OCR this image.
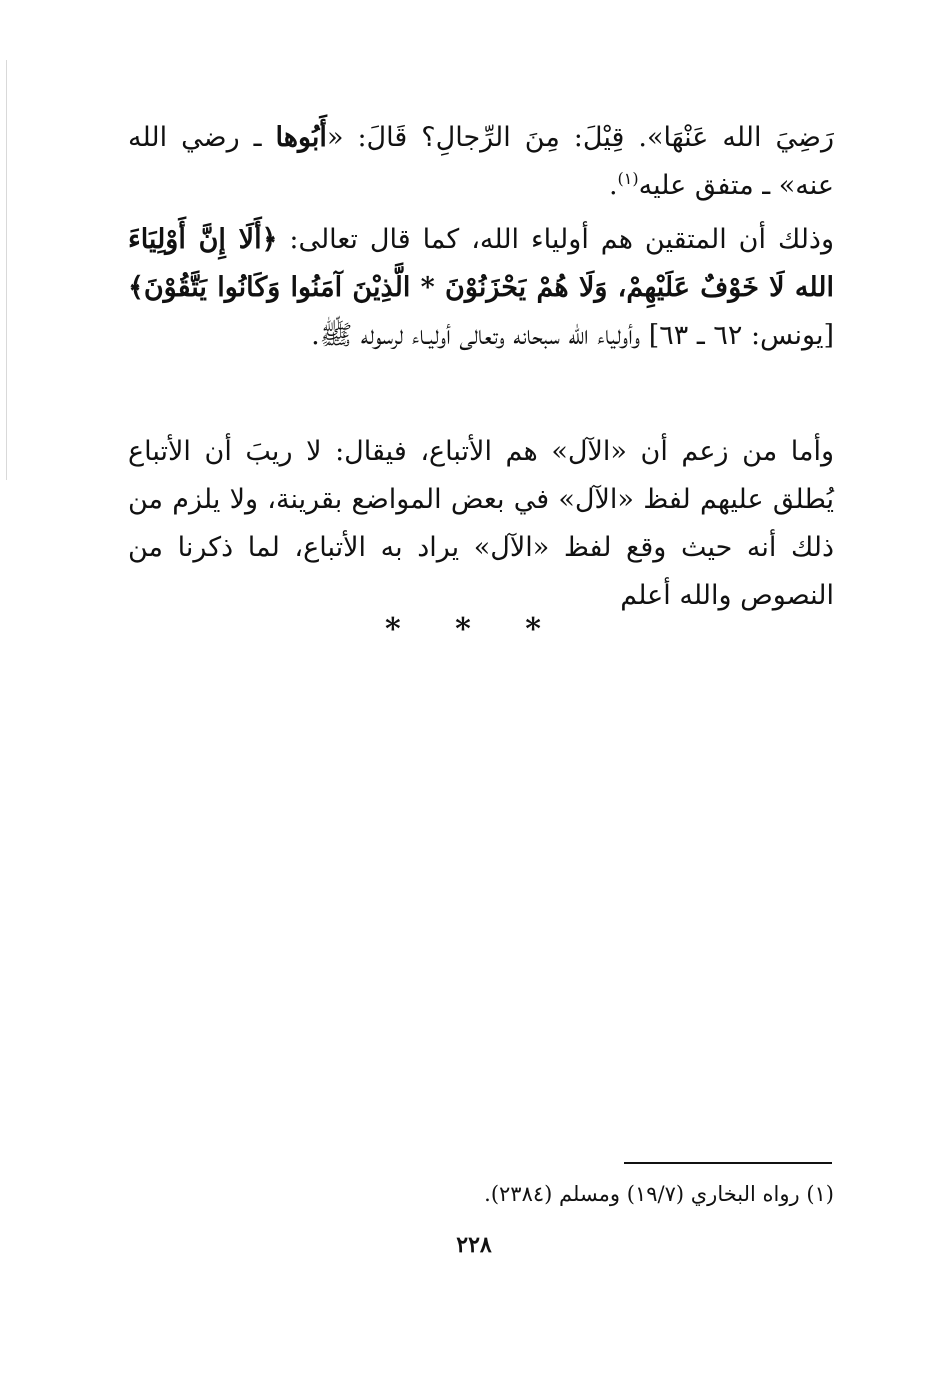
رَضِيَ الله عَنْهَا». قِيْلَ: مِنَ الرِّجالِ؟ قَالَ: «أَبُوها ـ رضي الله عنه» ـ متفق عليه$^{(١)}$.
وذلك أن المتقين هم أولياء الله، كما قال تعالى: ﴿أَلَا إِنَّ أَوْلِيَاءَ الله لَا خَوْفٌ عَلَيْهِمْ، وَلَا هُمْ يَحْزَنُوْنَ * الَّذِيْنَ آمَنُوا وَكَانُوا يَتَّقُوْنَ﴾ [يونس: ٦٢ ـ ٦٣] وأولياء الله سبحانه وتعالى أوليـاء لرسوله ﷺ.
وأما من زعم أن «الآل» هم الأتباع، فيقال: لا ريبَ أن الأتباع يُطلق عليهم لفظ «الآل» في بعض المواضع بقرينة، ولا يلزم من ذلك أنه حيث وقع لفظ «الآل» يراد به الأتباع، لما ذكرنا من النصوص والله أعلم
* * *
(١) رواه البخاري (١٩/٧) ومسلم (٢٣٨٤).
٢٢٨
